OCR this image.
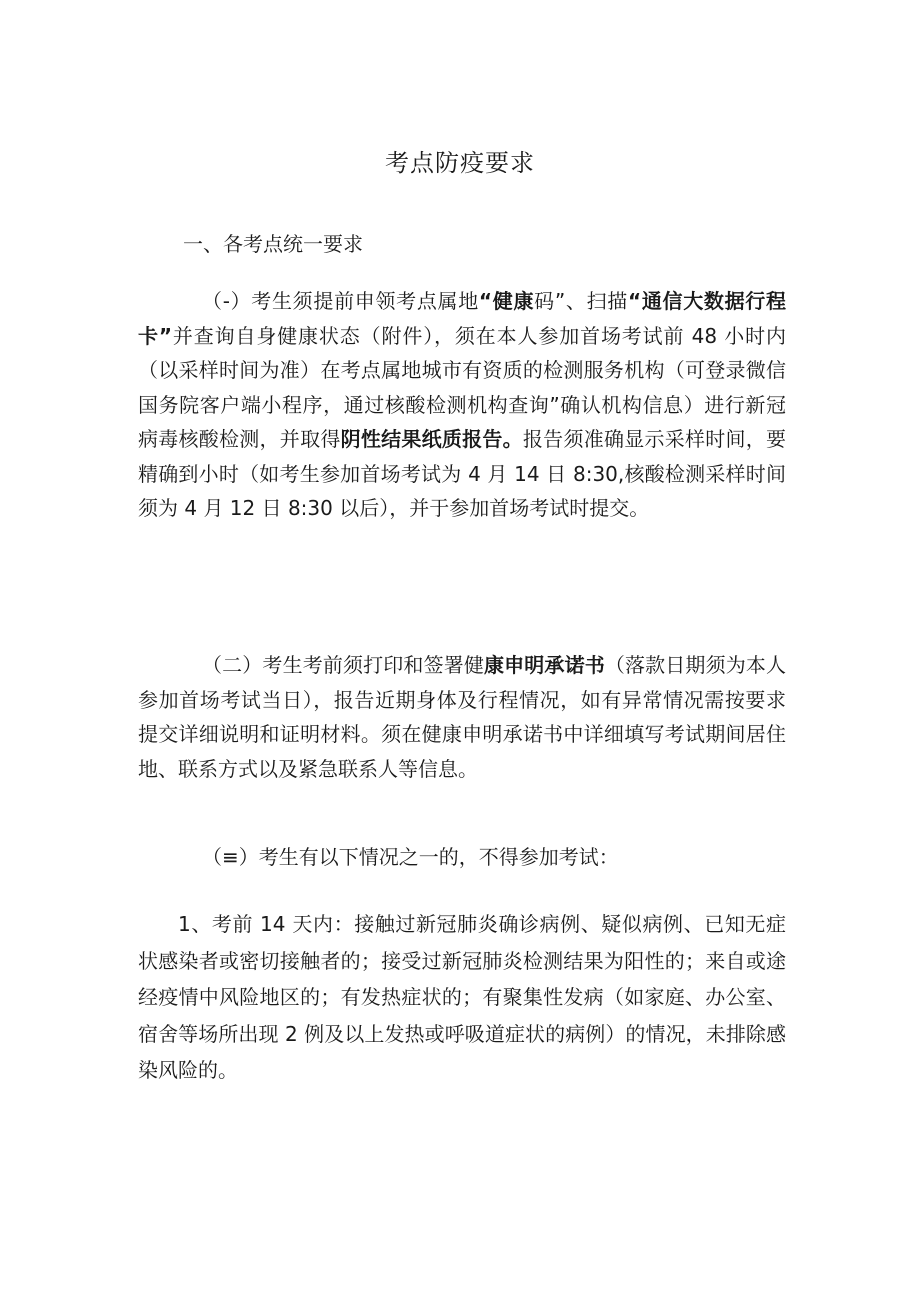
考点防疫要求
一、各考点统一要求
（-）考生须提前申领考点属地“健康码”、扫描“通信大数据行程卡”并查询自身健康状态（附件），须在本人参加首场考试前 48 小时内（以采样时间为准）在考点属地城市有资质的检测服务机构（可登录微信国务院客户端小程序，通过核酸检测机构查询”确认机构信息）进行新冠病毒核酸检测，并取得阴性结果纸质报告。报告须准确显示采样时间，要精确到小时（如考生参加首场考试为 4 月 14 日 8:30,核酸检测采样时间须为 4 月 12 日 8:30 以后），并于参加首场考试时提交。
（二）考生考前须打印和签署健康申明承诺书（落款日期须为本人参加首场考试当日），报告近期身体及行程情况，如有异常情况需按要求提交详细说明和证明材料。须在健康申明承诺书中详细填写考试期间居住地、联系方式以及紧急联系人等信息。
（≡）考生有以下情况之一的，不得参加考试：
1、考前 14 天内：接触过新冠肺炎确诊病例、疑似病例、已知无症状感染者或密切接触者的；接受过新冠肺炎检测结果为阳性的；来自或途经疫情中风险地区的；有发热症状的；有聚集性发病（如家庭、办公室、宿舍等场所出现 2 例及以上发热或呼吸道症状的病例）的情况，未排除感染风险的。
